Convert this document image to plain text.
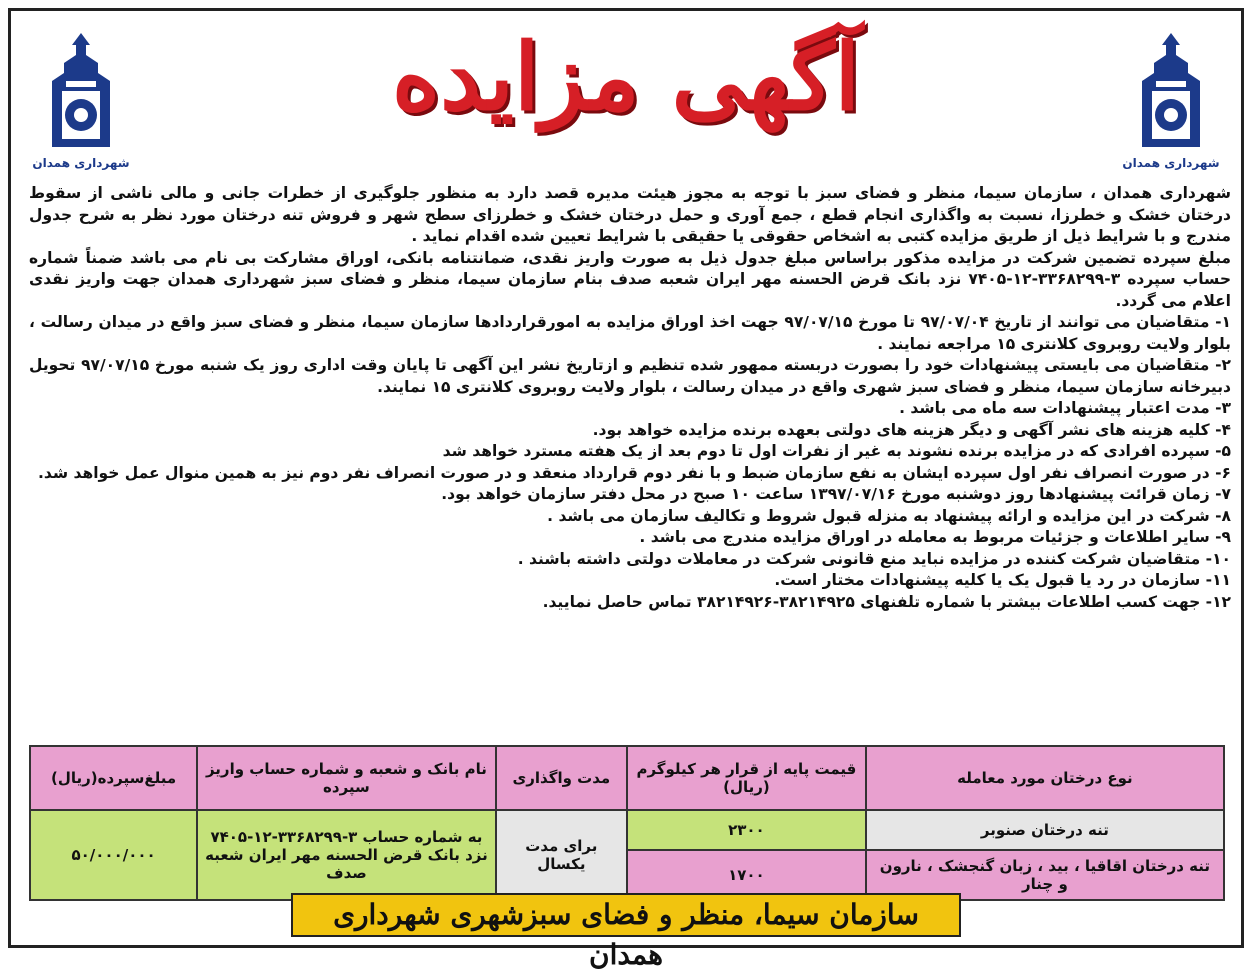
شهرداری همدان
شهرداری همدان
آگهی مزایده

شهرداری همدان ، سازمان سیما، منظر و فضای سبز با توجه به مجوز هیئت مدیره قصد دارد به منظور جلوگیری از خطرات جانی و مالی ناشی از سقوط درختان خشک و خطرزا، نسبت به واگذاری انجام قطع ، جمع آوری و حمل درختان خشک و خطرزای سطح شهر و فروش تنه درختان مورد نظر به شرح جدول مندرج و با شرایط ذیل از طریق مزایده کتبی به اشخاص حقوقی یا حقیقی با شرایط تعیین شده اقدام نماید .

مبلغ سپرده تضمین شرکت در مزایده مذکور براساس مبلغ جدول ذیل به صورت واریز نقدی، ضمانتنامه بانکی، اوراق مشارکت بی نام می باشد ضمناً شماره حساب سپرده ۳-۳۳۶۸۲۹۹-۱۲-۷۴۰۵ نزد بانک قرض الحسنه مهر ایران شعبه صدف بنام سازمان سیما، منظر و فضای سبز شهرداری همدان جهت واریز نقدی اعلام می گردد.

۱- متقاضیان می توانند از تاریخ ۹۷/۰۷/۰۴ تا مورخ ۹۷/۰۷/۱۵ جهت اخذ اوراق مزایده به امورقراردادها سازمان سیما، منظر و فضای سبز واقع در میدان رسالت ، بلوار ولایت روبروی کلانتری ۱۵ مراجعه نمایند .

۲- متقاضیان می بایستی پیشنهادات خود را بصورت دربسته ممهور شده تنظیم و ازتاریخ نشر این آگهی تا پایان وقت اداری روز یک شنبه مورخ ۹۷/۰۷/۱۵ تحویل دبیرخانه سازمان سیما، منظر و فضای سبز شهری واقع در میدان رسالت ، بلوار ولایت روبروی کلانتری ۱۵ نمایند.

۳- مدت اعتبار پیشنهادات سه ماه می باشد .

۴- کلیه هزینه های نشر آگهی و دیگر هزینه های دولتی بعهده برنده مزایده خواهد بود.

۵- سپرده افرادی که در مزایده برنده نشوند به غیر از نفرات اول تا دوم بعد از یک هفته مسترد خواهد شد

۶- در صورت انصراف نفر اول سپرده ایشان به نفع سازمان ضبط و با نفر دوم قرارداد منعقد و در صورت انصراف نفر دوم نیز به همین منوال عمل خواهد شد.

۷- زمان قرائت پیشنهادها روز دوشنبه مورخ ۱۳۹۷/۰۷/۱۶ ساعت ۱۰ صبح در محل دفتر سازمان خواهد بود.

۸- شرکت در این مزایده و ارائه پیشنهاد به منزله قبول شروط و تکالیف سازمان می باشد .

۹- سایر اطلاعات و جزئیات مربوط به معامله در اوراق مزایده مندرج می باشد .

۱۰- متقاضیان شرکت کننده در مزایده نباید منع قانونی شرکت در معاملات دولتی داشته باشند .

۱۱- سازمان در رد یا قبول یک یا کلیه پیشنهادات مختار است.

۱۲- جهت کسب اطلاعات بیشتر با شماره تلفنهای ۳۸۲۱۴۹۲۵-۳۸۲۱۴۹۲۶ تماس حاصل نمایید.

نوع درختان مورد معامله	قیمت پایه از قرار هر کیلوگرم (ریال)	مدت واگذاری	نام بانک و شعبه و شماره حساب واریز سپرده	مبلغ‌سپرده(ریال)
تنه درختان صنوبر	۲۳۰۰	برای مدت یکسال	به شماره حساب ۳-۳۳۶۸۲۹۹-۱۲-۷۴۰۵ نزد بانک قرض الحسنه مهر ایران شعبه صدف	۵۰/۰۰۰/۰۰۰
تنه درختان اقاقیا ، بید ، زبان گنجشک ، نارون و چنار	۱۷۰۰			
سازمان سیما، منظر و فضای سبزشهری شهرداری همدان
